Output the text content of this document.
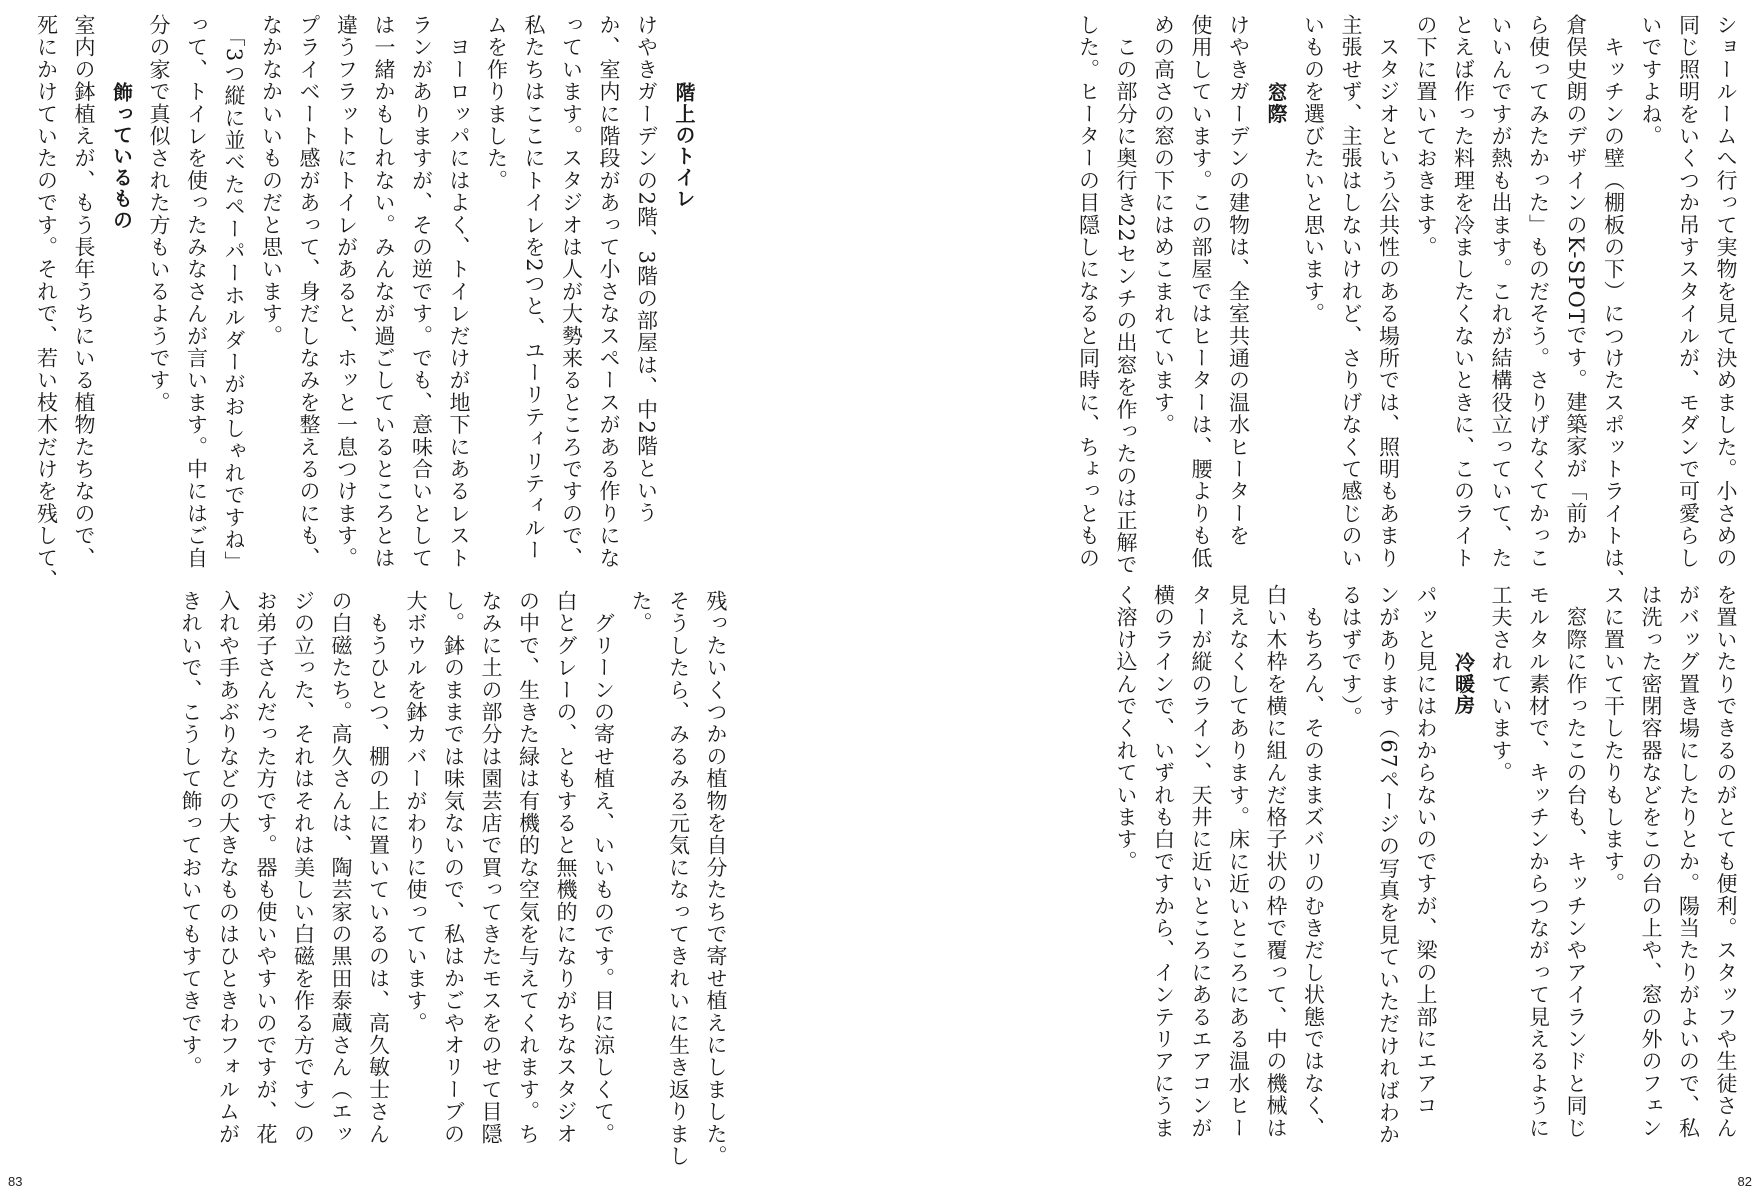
ショールームへ行って実物を見て決めました。小さめの
同じ照明をいくつか吊すスタイルが、モダンで可愛らし
いですよね。
　キッチンの壁（棚板の下）につけたスポットライトは、
倉俣史朗のデザインのK-SPOTです。建築家が「前か
ら使ってみたかった」ものだそう。さりげなくてかっこ
いいんですが熱も出ます。これが結構役立っていて、た
とえば作った料理を冷ましたくないときに、このライト
の下に置いておきます。
　スタジオという公共性のある場所では、照明もあまり
主張せず、主張はしないけれど、さりげなくて感じのい
いものを選びたいと思います。
窓際
けやきガーデンの建物は、全室共通の温水ヒーターを
使用しています。この部屋ではヒーターは、腰よりも低
めの高さの窓の下にはめこまれています。
　この部分に奥行き22センチの出窓を作ったのは正解で
した。ヒーターの目隠しになると同時に、ちょっともの
を置いたりできるのがとても便利。スタッフや生徒さん
がバッグ置き場にしたりとか。陽当たりがよいので、私
は洗った密閉容器などをこの台の上や、窓の外のフェン
スに置いて干したりもします。
　窓際に作ったこの台も、キッチンやアイランドと同じ
モルタル素材で、キッチンからつながって見えるように
工夫されています。
冷暖房
パッと見にはわからないのですが、梁の上部にエアコ
ンがあります（67ページの写真を見ていただければわか
るはずです）。
　もちろん、そのままズバリのむきだし状態ではなく、
白い木枠を横に組んだ格子状の枠で覆って、中の機械は
見えなくしてあります。床に近いところにある温水ヒー
ターが縦のライン、天井に近いところにあるエアコンが
横のラインで、いずれも白ですから、インテリアにうま
く溶け込んでくれています。
階上のトイレ
けやきガーデンの2階、3階の部屋は、中2階という
か、室内に階段があって小さなスペースがある作りにな
っています。スタジオは人が大勢来るところですので、
私たちはここにトイレを2つと、ユーリティリティルー
ムを作りました。
　ヨーロッパにはよく、トイレだけが地下にあるレスト
ランがありますが、その逆です。でも、意味合いとして
は一緒かもしれない。みんなが過ごしているところとは
違うフラットにトイレがあると、ホッと一息つけます。
プライベート感があって、身だしなみを整えるのにも、
なかなかいいものだと思います。
　「3つ縦に並べたペーパーホルダーがおしゃれですね」
って、トイレを使ったみなさんが言います。中にはご自
分の家で真似された方もいるようです。
飾っているもの
室内の鉢植えが、もう長年うちにいる植物たちなので、
死にかけていたのです。それで、若い枝木だけを残して、
残ったいくつかの植物を自分たちで寄せ植えにしました。
そうしたら、みるみる元気になってきれいに生き返りまし
た。
　グリーンの寄せ植え、いいものです。目に涼しくて。
白とグレーの、ともすると無機的になりがちなスタジオ
の中で、生きた緑は有機的な空気を与えてくれます。ち
なみに土の部分は園芸店で買ってきたモスをのせて目隠
し。鉢のままでは味気ないので、私はかごやオリーブの
大ボウルを鉢カバーがわりに使っています。
　もうひとつ、棚の上に置いているのは、高久敏士さん
の白磁たち。高久さんは、陶芸家の黒田泰蔵さん（エッ
ジの立った、それはそれは美しい白磁を作る方です）の
お弟子さんだった方です。器も使いやすいのですが、花
入れや手あぶりなどの大きなものはひときわフォルムが
きれいで、こうして飾っておいてもすてきです。
83	82
